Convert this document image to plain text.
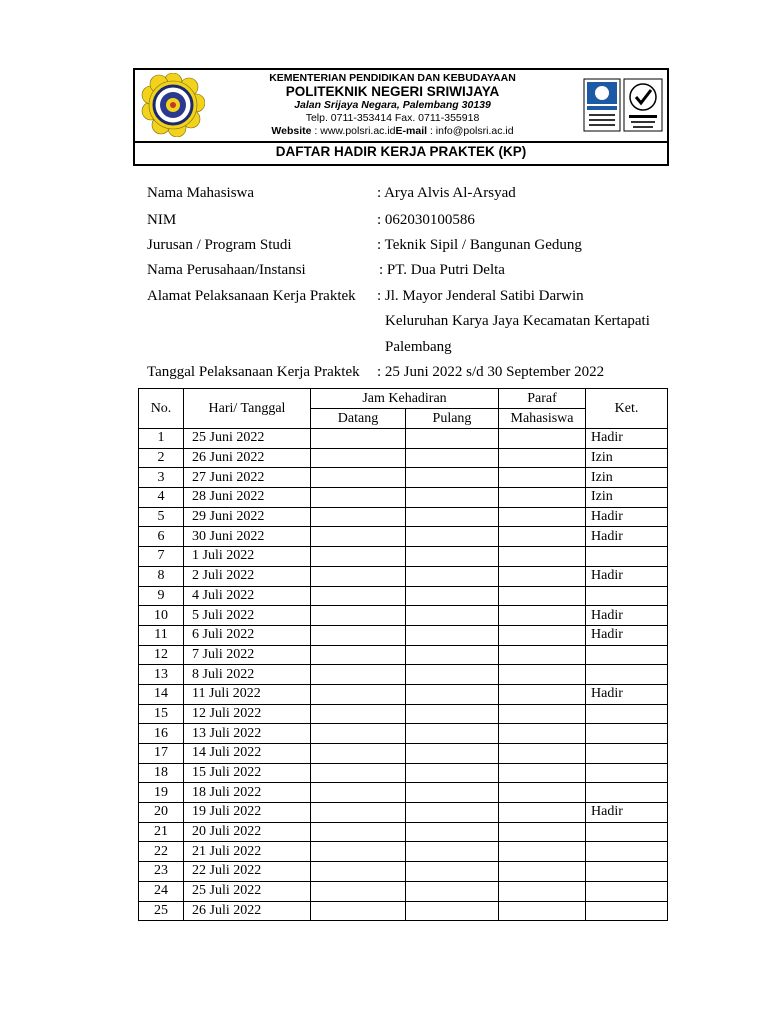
KEMENTERIAN PENDIDIKAN DAN KEBUDAYAAN
POLITEKNIK NEGERI SRIWIJAYA
Jalan Srijaya Negara, Palembang 30139
Telp. 0711-353414 Fax. 0711-355918
Website : www.polsri.ac.idE-mail : info@polsri.ac.id
DAFTAR HADIR KERJA PRAKTEK (KP)
Nama Mahasiswa	: Arya Alvis Al-Arsyad
NIM	: 062030100586
Jurusan / Program Studi	: Teknik Sipil / Bangunan Gedung
Nama Perusahaan/Instansi	: PT. Dua Putri Delta
Alamat Pelaksanaan Kerja Praktek : Jl. Mayor Jenderal Satibi Darwin
Keluruhan Karya Jaya Kecamatan Kertapati
Palembang
Tanggal Pelaksanaan Kerja Praktek : 25 Juni 2022 s/d 30 September 2022
No.	Hari/ Tanggal	Jam Kehadiran		Paraf	Ket.
		Datang	Pulang	Mahasiswa	
1	25 Juni 2022				Hadir
2	26 Juni 2022				Izin
3	27 Juni 2022				Izin
4	28 Juni 2022				Izin
5	29 Juni 2022				Hadir
6	30 Juni 2022				Hadir
7	1 Juli 2022				
8	2 Juli 2022				Hadir
9	4 Juli 2022				
10	5 Juli 2022				Hadir
11	6 Juli 2022				Hadir
12	7 Juli 2022				
13	8 Juli 2022				
14	11 Juli 2022				Hadir
15	12 Juli 2022				
16	13 Juli 2022				
17	14 Juli 2022				
18	15 Juli 2022				
19	18 Juli 2022				
20	19 Juli 2022				Hadir
21	20 Juli 2022				
22	21 Juli 2022				
23	22 Juli 2022				
24	25 Juli 2022				
25	26 Juli 2022				
